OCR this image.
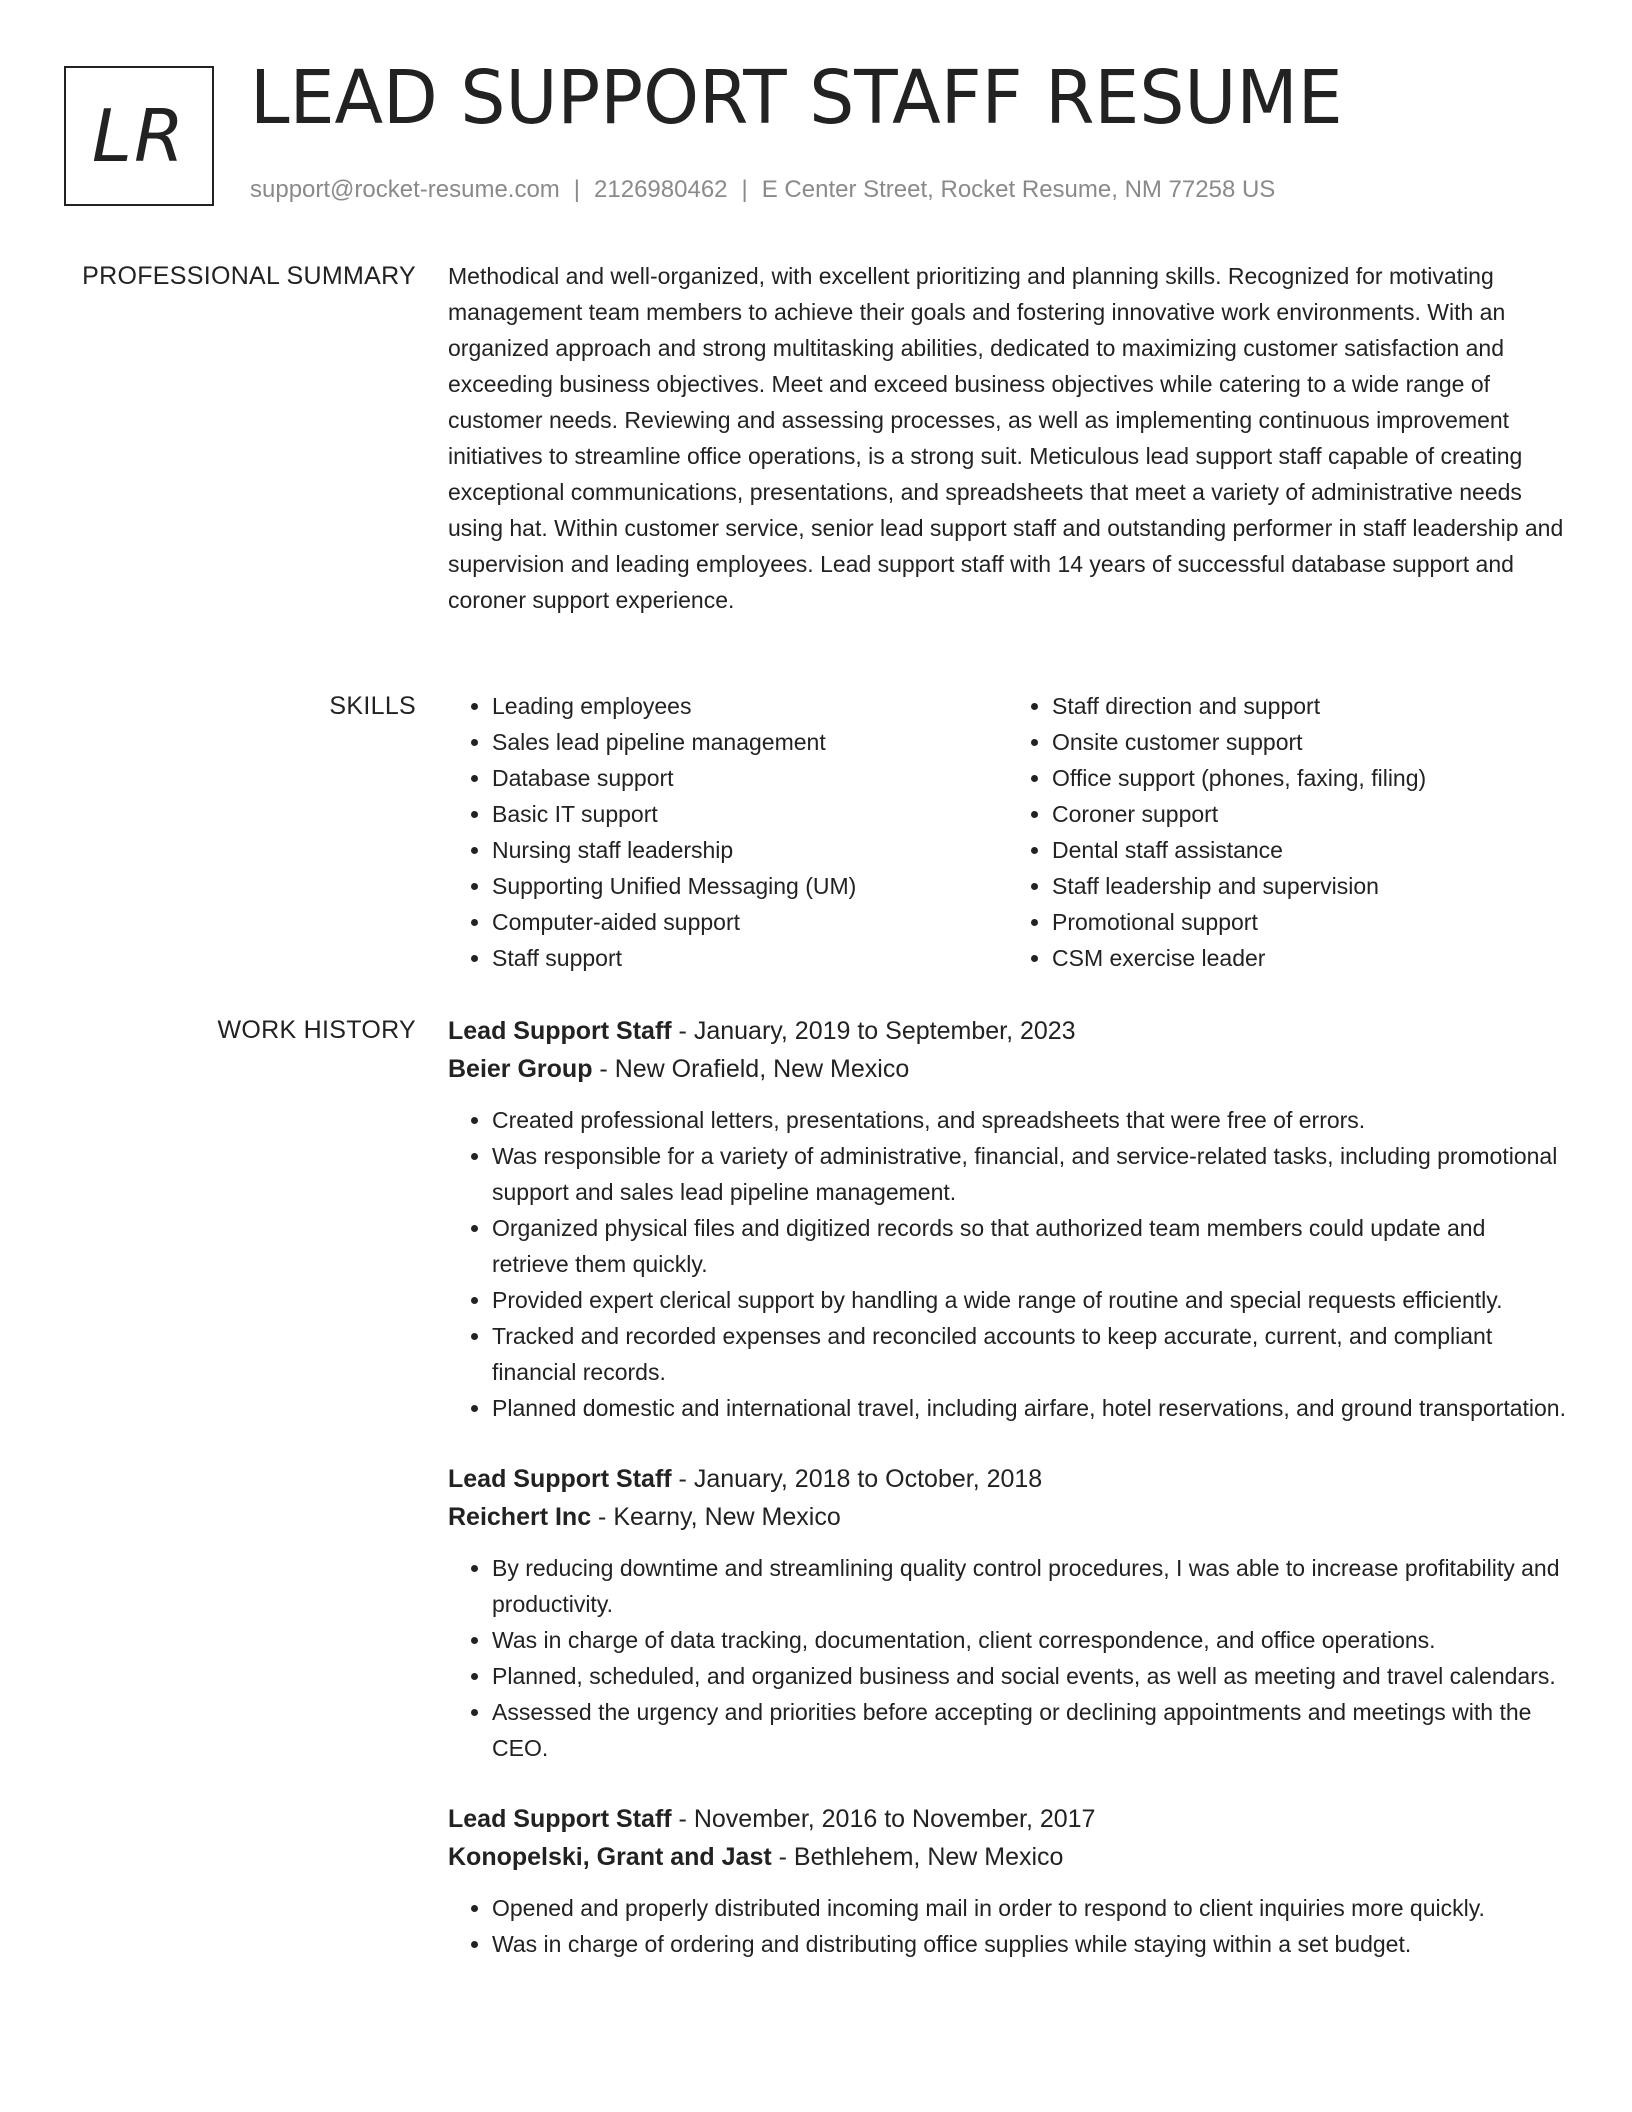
LR LEAD SUPPORT STAFF RESUME
support@rocket-resume.com | 2126980462 | E Center Street, Rocket Resume, NM 77258 US
PROFESSIONAL SUMMARY Methodical and well-organized, with excellent prioritizing and planning skills. Recognized for motivating management team members to achieve their goals and fostering innovative work environments. With an organized approach and strong multitasking abilities, dedicated to maximizing customer satisfaction and exceeding business objectives. Meet and exceed business objectives while catering to a wide range of customer needs. Reviewing and assessing processes, as well as implementing continuous improvement initiatives to streamline office operations, is a strong suit. Meticulous lead support staff capable of creating exceptional communications, presentations, and spreadsheets that meet a variety of administrative needs using hat. Within customer service, senior lead support staff and outstanding performer in staff leadership and supervision and leading employees. Lead support staff with 14 years of successful database support and coroner support experience.

SKILLS
•	Leading employees
• Sales lead pipeline management
• Database support
• Basic IT support
• Nursing staff leadership
• Supporting Unified Messaging (UM)
• Computer-aided support
• Staff support
• Staff direction and support
• Onsite customer support
• Office support (phones, faxing, filing)
• Coroner support
• Dental staff assistance
• Staff leadership and supervision
• Promotional support
• CSM exercise leader
WORK HISTORY Lead Support Staff - January, 2019 to September, 2023
Beier Group - New Orafield, New Mexico
• Created professional letters, presentations, and spreadsheets that were free of errors.
• Was responsible for a variety of administrative, financial, and service-related tasks, including promotional support and sales lead pipeline management.
• Organized physical files and digitized records so that authorized team members could update and retrieve them quickly.
• Provided expert clerical support by handling a wide range of routine and special requests efficiently.
• Tracked and recorded expenses and reconciled accounts to keep accurate, current, and compliant financial records.
• Planned domestic and international travel, including airfare, hotel reservations, and ground transportation.
Lead Support Staff - January, 2018 to October, 2018
Reichert Inc - Kearny, New Mexico
• By reducing downtime and streamlining quality control procedures, I was able to increase profitability and productivity.
• Was in charge of data tracking, documentation, client correspondence, and office operations.
• Planned, scheduled, and organized business and social events, as well as meeting and travel calendars.
• Assessed the urgency and priorities before accepting or declining appointments and meetings with the CEO.
Lead Support Staff - November, 2016 to November, 2017
Konopelski, Grant and Jast - Bethlehem, New Mexico
• Opened and properly distributed incoming mail in order to respond to client inquiries more quickly.
• Was in charge of ordering and distributing office supplies while staying within a set budget.
